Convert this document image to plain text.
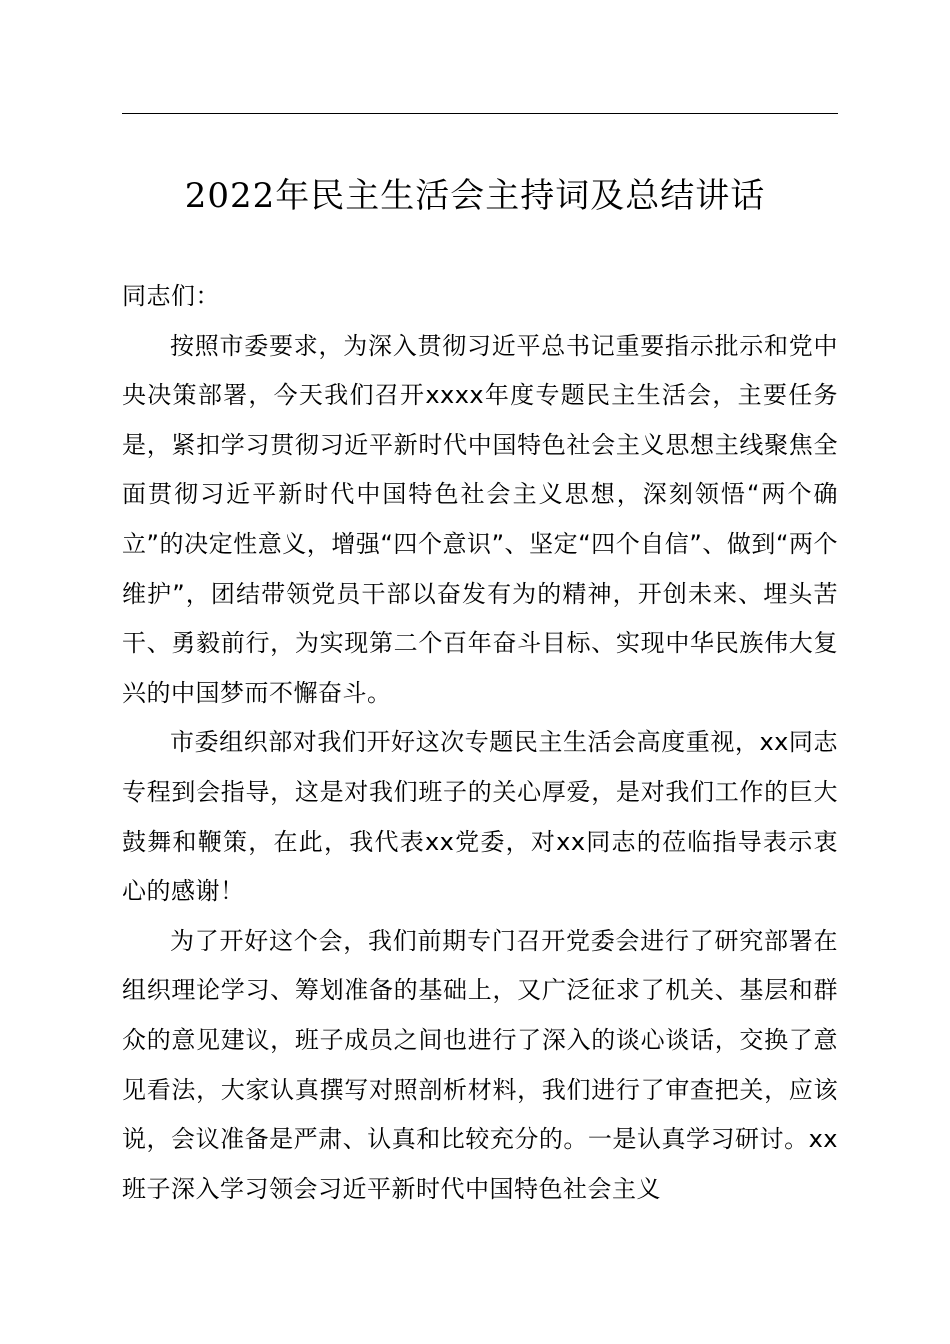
2022年民主生活会主持词及总结讲话

同志们：

按照市委要求，为深入贯彻习近平总书记重要指示批示和党中央决策部署，今天我们召开xxxx年度专题民主生活会，主要任务是，紧扣学习贯彻习近平新时代中国特色社会主义思想主线聚焦全面贯彻习近平新时代中国特色社会主义思想，深刻领悟“两个确立”的决定性意义，增强“四个意识”、坚定“四个自信”、做到“两个维护”，团结带领党员干部以奋发有为的精神，开创未来、埋头苦干、勇毅前行，为实现第二个百年奋斗目标、实现中华民族伟大复兴的中国梦而不懈奋斗。

市委组织部对我们开好这次专题民主生活会高度重视，xx同志专程到会指导，这是对我们班子的关心厚爱，是对我们工作的巨大鼓舞和鞭策，在此，我代表xx党委，对xx同志的莅临指导表示衷心的感谢！

为了开好这个会，我们前期专门召开党委会进行了研究部署在组织理论学习、筹划准备的基础上，又广泛征求了机关、基层和群众的意见建议，班子成员之间也进行了深入的谈心谈话，交换了意见看法，大家认真撰写对照剖析材料，我们进行了审查把关，应该说，会议准备是严肃、认真和比较充分的。一是认真学习研讨。xx班子深入学习领会习近平新时代中国特色社会主义
